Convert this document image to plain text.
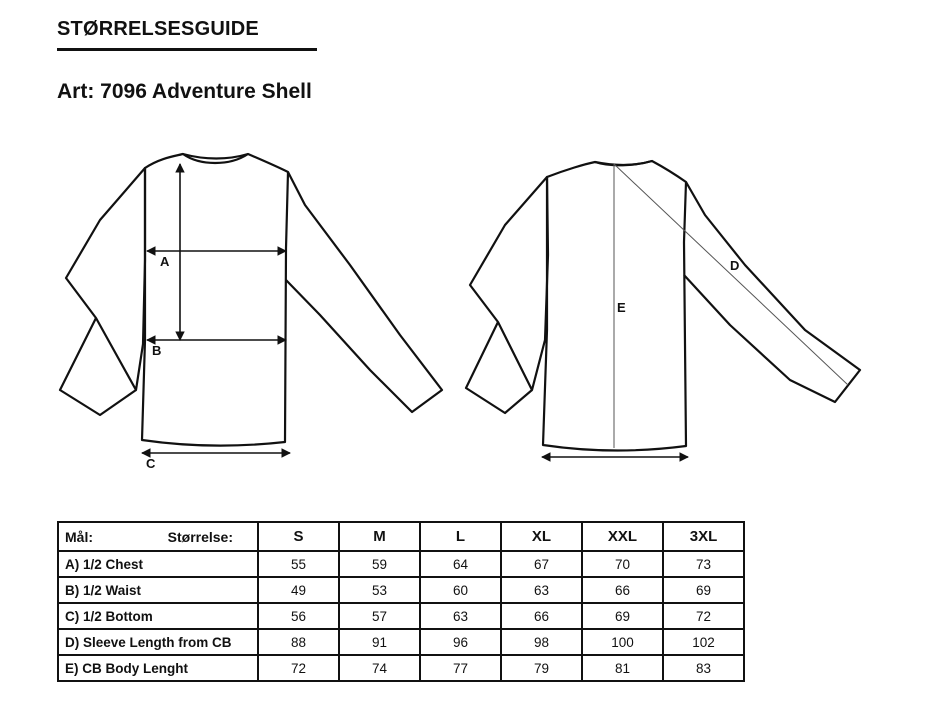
STØRRELSESGUIDE
Art: 7096 Adventure Shell
A
B
C
D
E
Mål: Størrelse:	S	M	L	XL	XXL	3XL
A) 1/2 Chest	55	59	64	67	70	73
B) 1/2 Waist	49	53	60	63	66	69
C) 1/2 Bottom	56	57	63	66	69	72
D) Sleeve Length from CB	88	91	96	98	100	102
E) CB Body Lenght	72	74	77	79	81	83
